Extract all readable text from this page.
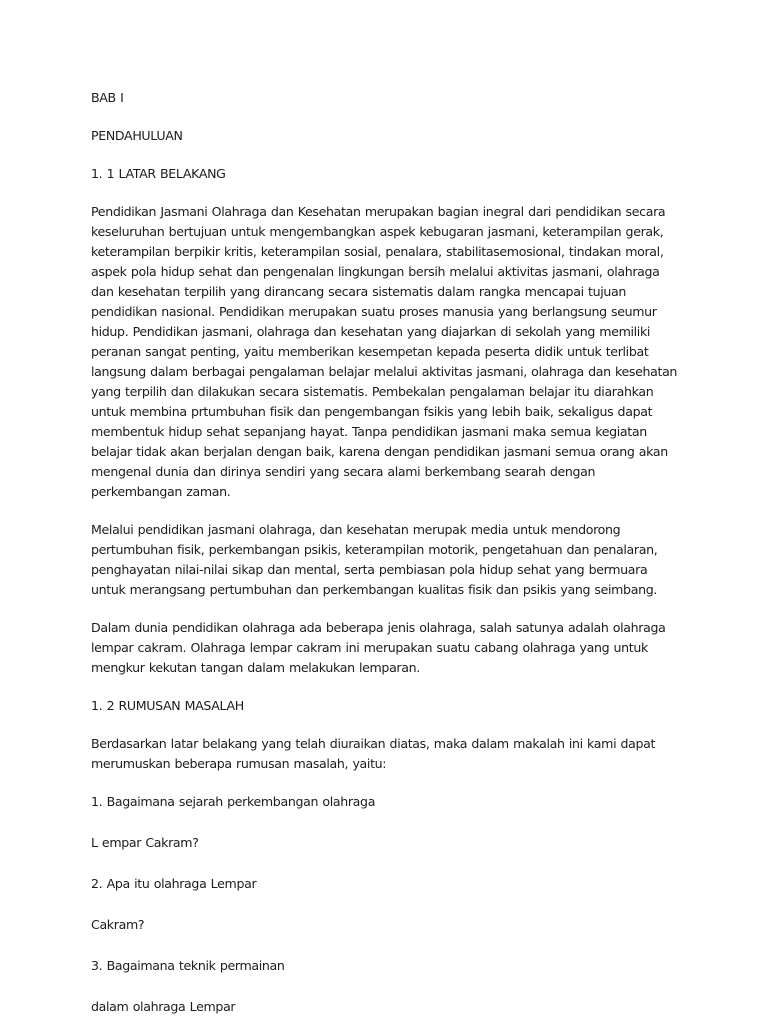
BAB I

PENDAHULUAN

1. 1 LATAR BELAKANG

Pendidikan Jasmani Olahraga dan Kesehatan merupakan bagian inegral dari pendidikan secara keseluruhan bertujuan untuk mengembangkan aspek kebugaran jasmani, keterampilan gerak, keterampilan berpikir kritis, keterampilan sosial, penalara, stabilitasemosional, tindakan moral, aspek pola hidup sehat dan pengenalan lingkungan bersih melalui aktivitas jasmani, olahraga dan kesehatan terpilih yang dirancang secara sistematis dalam rangka mencapai tujuan pendidikan nasional. Pendidikan merupakan suatu proses manusia yang berlangsung seumur hidup. Pendidikan jasmani, olahraga dan kesehatan yang diajarkan di sekolah yang memiliki peranan sangat penting, yaitu memberikan kesempetan kepada peserta didik untuk terlibat langsung dalam berbagai pengalaman belajar melalui aktivitas jasmani, olahraga dan kesehatan yang terpilih dan dilakukan secara sistematis. Pembekalan pengalaman belajar itu diarahkan untuk membina prtumbuhan fisik dan pengembangan fsikis yang lebih baik, sekaligus dapat membentuk hidup sehat sepanjang hayat. Tanpa pendidikan jasmani maka semua kegiatan belajar tidak akan berjalan dengan baik, karena dengan pendidikan jasmani semua orang akan mengenal dunia dan dirinya sendiri yang secara alami berkembang searah dengan perkembangan zaman.

Melalui pendidikan jasmani olahraga, dan kesehatan merupak media untuk mendorong pertumbuhan fisik, perkembangan psikis, keterampilan motorik, pengetahuan dan penalaran, penghayatan nilai-nilai sikap dan mental, serta pembiasan pola hidup sehat yang bermuara untuk merangsang pertumbuhan dan perkembangan kualitas fisik dan psikis yang seimbang.

Dalam dunia pendidikan olahraga ada beberapa jenis olahraga, salah satunya adalah olahraga lempar cakram. Olahraga lempar cakram ini merupakan suatu cabang olahraga yang untuk mengkur kekutan tangan dalam melakukan lemparan.

1. 2 RUMUSAN MASALAH

Berdasarkan latar belakang yang telah diuraikan diatas, maka dalam makalah ini kami dapat merumuskan beberapa rumusan masalah, yaitu:

1. Bagaimana sejarah perkembangan olahraga

L empar Cakram?

2. Apa itu olahraga Lempar

Cakram?

3. Bagaimana teknik permainan

dalam olahraga Lempar
